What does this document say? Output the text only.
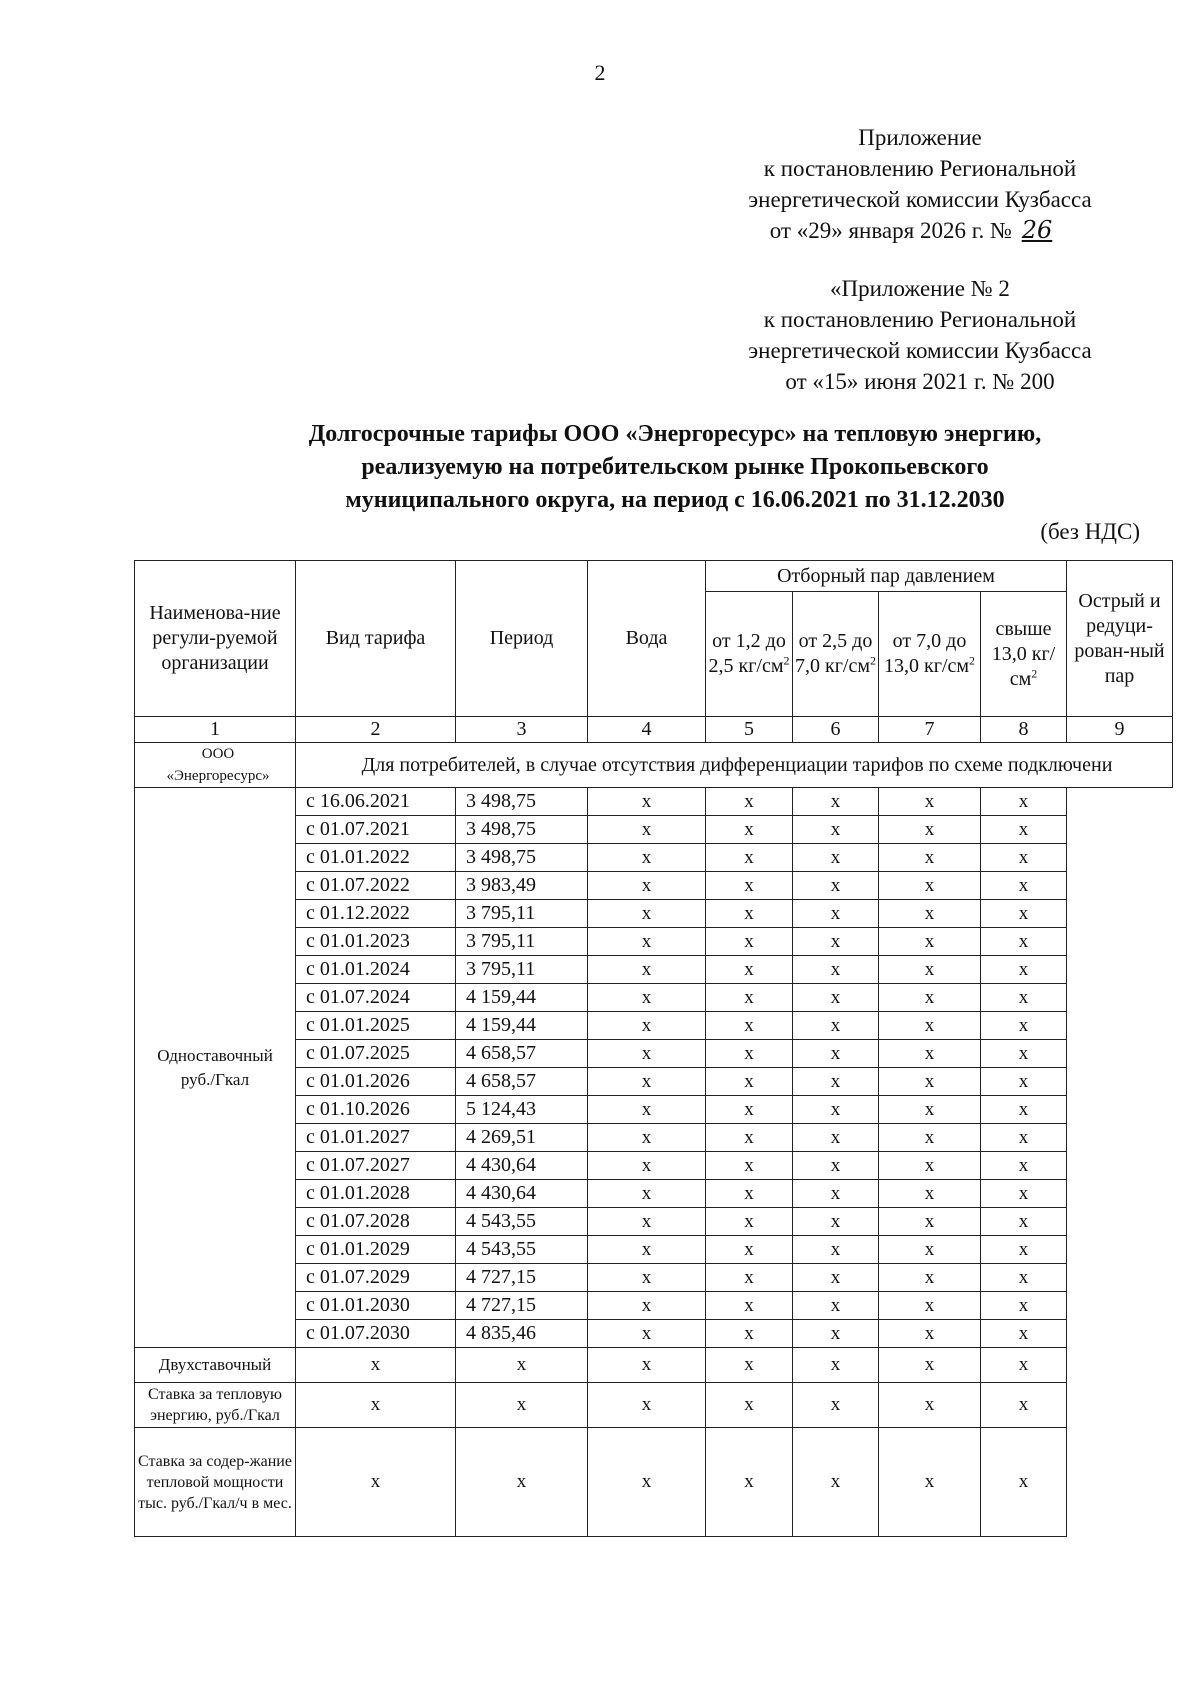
2
Приложение
к постановлению Региональной
энергетической комиссии Кузбасса
от «29» января 2026 г. № 26
«Приложение № 2
к постановлению Региональной
энергетической комиссии Кузбасса
от «15» июня 2021 г. № 200
Долгосрочные тарифы ООО «Энергоресурс» на тепловую энергию,
реализуемую на потребительском рынке Прокопьевского
муниципального округа, на период с 16.06.2021 по 31.12.2030
(без НДС)
Наименова-ние регули-руемой организации	Вид тарифа	Период	Вода	Отборный пар давлением				Острый и редуци-рован-ный пар
				от 1,2 до 2,5 $кг/см^2$	от 2,5 до 7,0 $кг/см^2$	от 7,0 до 13,0 $кг/см^2$	свыше 13,0 $кг/см^2$
1	2	3	4	5	6	7	8	9

ООО
«Энергоресурс»	Для потребителей, в случае отсутствия дифференциации тарифов по схеме подключени							
Одноставочный руб./Гкал	с 16.06.2021	3 498,75	х	х	х	х	х	
	с 01.07.2021	3 498,75	х	х	х	х	х	
	с 01.01.2022	3 498,75	х	х	х	х	х	
	с 01.07.2022	3 983,49	х	х	х	х	х	
	с 01.12.2022	3 795,11	х	х	х	х	х	
	с 01.01.2023	3 795,11	х	х	х	х	х	
	с 01.01.2024	3 795,11	х	х	х	х	х	
	с 01.07.2024	4 159,44	х	х	х	х	х	
	с 01.01.2025	4 159,44	х	х	х	х	х	
	с 01.07.2025	4 658,57	х	х	х	х	х	
	с 01.01.2026	4 658,57	х	х	х	х	х	
	с 01.10.2026	5 124,43	х	х	х	х	х	
	с 01.01.2027	4 269,51	х	х	х	х	х	
	с 01.07.2027	4 430,64	х	х	х	х	х	
	с 01.01.2028	4 430,64	х	х	х	х	х	
	с 01.07.2028	4 543,55	х	х	х	х	х	
	с 01.01.2029	4 543,55	х	х	х	х	х	
	с 01.07.2029	4 727,15	х	х	х	х	х	
	с 01.01.2030	4 727,15	х	х	х	х	х	
	с 01.07.2030	4 835,46	х	х	х	х	х	
Двухставочный	х	х	х	х	х	х	х	
Ставка за тепловую энергию, руб./Гкал	х	х	х	х	х	х	х	
Ставка за содер-жание тепловой мощности тыс. руб./Гкал/ч в мес.	х	х	х	х	х	х	х	
